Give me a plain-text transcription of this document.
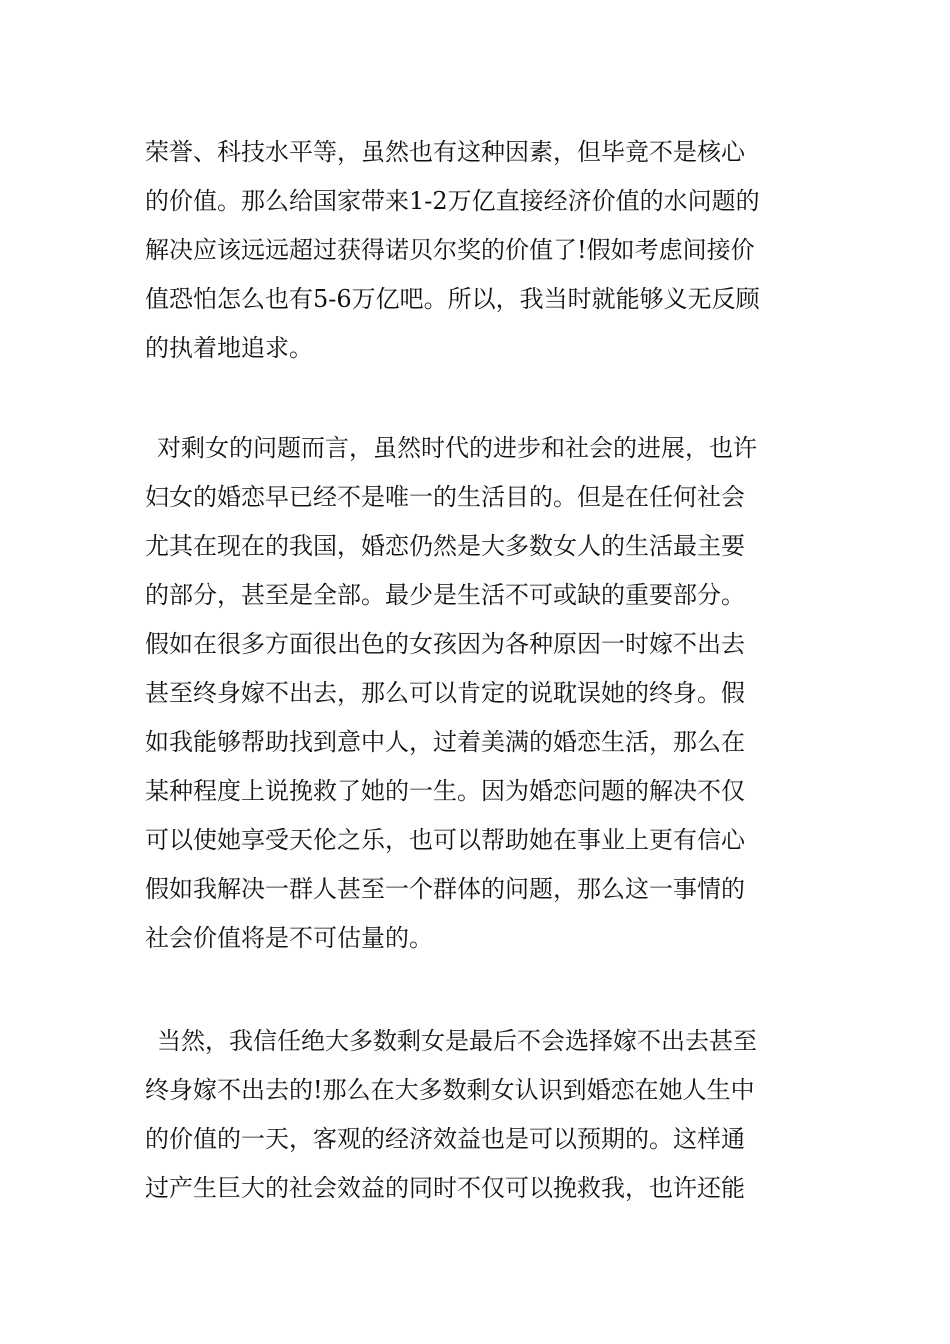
荣誉、科技水平等，虽然也有这种因素，但毕竟不是核心
的价值。那么给国家带来1-2万亿直接经济价值的水问题的
解决应该远远超过获得诺贝尔奖的价值了!假如考虑间接价
值恐怕怎么也有5-6万亿吧。所以，我当时就能够义无反顾
的执着地追求。
对剩女的问题而言，虽然时代的进步和社会的进展，也许
妇女的婚恋早已经不是唯一的生活目的。但是在任何社会
尤其在现在的我国，婚恋仍然是大多数女人的生活最主要
的部分，甚至是全部。最少是生活不可或缺的重要部分。
假如在很多方面很出色的女孩因为各种原因一时嫁不出去
甚至终身嫁不出去，那么可以肯定的说耽误她的终身。假
如我能够帮助找到意中人，过着美满的婚恋生活，那么在
某种程度上说挽救了她的一生。因为婚恋问题的解决不仅
可以使她享受天伦之乐，也可以帮助她在事业上更有信心
假如我解决一群人甚至一个群体的问题，那么这一事情的
社会价值将是不可估量的。
当然，我信任绝大多数剩女是最后不会选择嫁不出去甚至
终身嫁不出去的!那么在大多数剩女认识到婚恋在她人生中
的价值的一天，客观的经济效益也是可以预期的。这样通
过产生巨大的社会效益的同时不仅可以挽救我，也许还能
